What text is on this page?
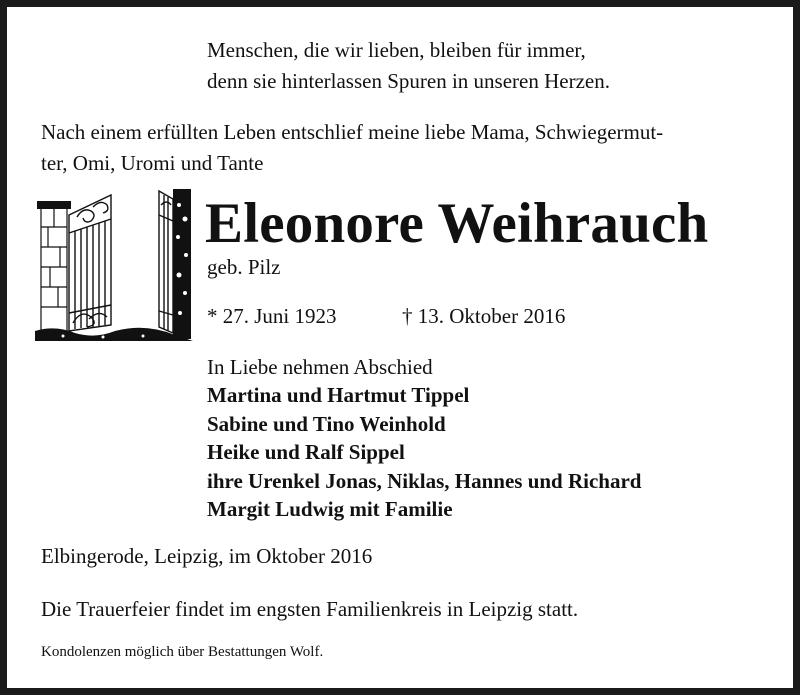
Menschen, die wir lieben, bleiben für immer,
denn sie hinterlassen Spuren in unseren Herzen.
Nach einem erfüllten Leben entschlief meine liebe Mama, Schwiegermut-
ter, Omi, Uromi und Tante
Eleonore Weihrauch
geb. Pilz
* 27. Juni 1923	† 13. Oktober 2016
In Liebe nehmen Abschied
Martina und Hartmut Tippel
Sabine und Tino Weinhold
Heike und Ralf Sippel
ihre Urenkel Jonas, Niklas, Hannes und Richard
Margit Ludwig mit Familie
Elbingerode, Leipzig, im Oktober 2016
Die Trauerfeier findet im engsten Familienkreis in Leipzig statt.
Kondolenzen möglich über Bestattungen Wolf.
